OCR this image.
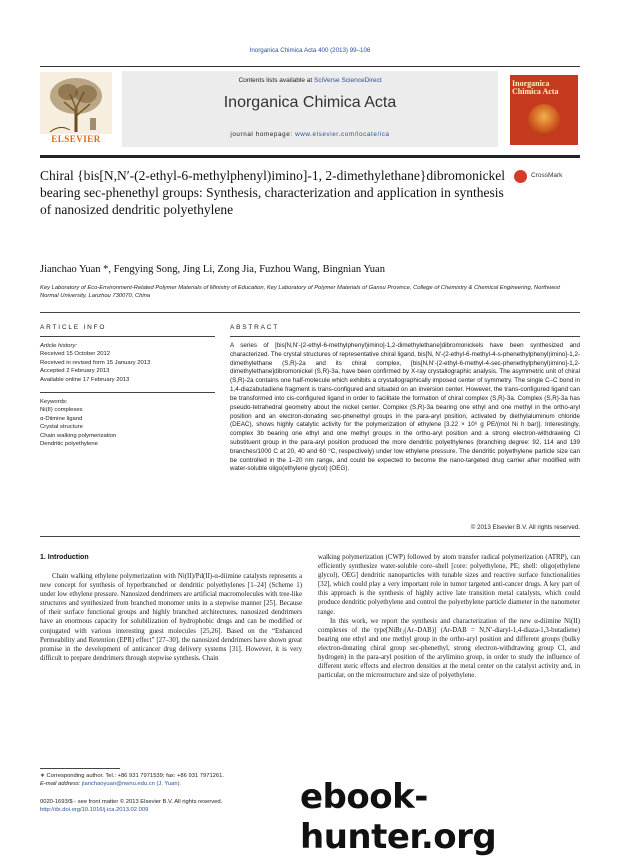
Inorganica Chimica Acta 400 (2013) 99–106
ELSEVIER
Contents lists available at SciVerse ScienceDirect
Inorganica Chimica Acta
journal homepage: www.elsevier.com/locate/ica
Inorganica Chimica Acta
Chiral {bis[N,N′-(2-ethyl-6-methylphenyl)imino]-1, 2-dimethylethane}dibromonickel bearing sec-phenethyl groups: Synthesis, characterization and application in synthesis of nanosized dendritic polyethylene
CrossMark
Jianchao Yuan *, Fengying Song, Jing Li, Zong Jia, Fuzhou Wang, Bingnian Yuan
Key Laboratory of Eco-Environment-Related Polymer Materials of Ministry of Education, Key Laboratory of Polymer Materials of Gansu Province, College of Chemistry & Chemical Engineering, Northwest Normal University, Lanzhou 730070, China
ARTICLE INFO	ABSTRACT
Article history:
Received 15 October 2012
Received in revised form 15 January 2013
Accepted 2 February 2013
Available online 17 February 2013
Keywords:
Ni(II) complexes
α-Diimine ligand
Crystal structure
Chain walking polymerization
Dendritic polyethylene
A series of [bis[N,N′-(2-ethyl-6-methylphenyl)imino]-1,2-dimethylethane]dibromonickels have been synthesized and characterized. The crystal structures of representative chiral ligand, bis[N, N′-(2-ethyl-6-methyl-4-s-phenethylphenyl)imino]-1,2-dimethylethane (S,R)-2a and its chiral complex, [bis[N,N′-(2-ethyl-6-methyl-4-sec-phenethylphenyl)imino]-1,2-dimethylethane]dibromonickel (S,R)-3a, have been confirmed by X-ray crystallographic analysis. The asymmetric unit of chiral (S,R)-2a contains one half-molecule which exhibits a crystallographically imposed center of symmetry. The single C–C bond in 1,4-diazabutadiene fragment is trans-configured and situated on an inversion center. However, the trans-configured ligand can be transformed into cis-configured ligand in order to facilitate the formation of chiral complex (S,R)-3a. Complex (S,R)-3a has pseudo-tetrahedral geometry about the nickel center. Complex (S,R)-3a bearing one ethyl and one methyl in the ortho-aryl position and an electron-donating sec-phenethyl groups in the para-aryl position, activated by diethylaluminum chloride (DEAC), shows highly catalytic activity for the polymerization of ethylene [3.22 × 10⁶ g PE/(mol Ni h bar)]. Interestingly, complex 3b bearing one ethyl and one methyl groups in the ortho-aryl position and a strong electron-withdrawing Cl substituent group in the para-aryl position produced the more dendritic polyethylenes (branching degree: 92, 114 and 139 branches/1000 C at 20, 40 and 60 °C, respectively) under low ethylene pressure. The dendritic polyethylene particle size can be controlled in the 1–20 nm range, and could be expected to become the nano-targeted drug carrier after modified with water-soluble oligo(ethylene glycol) (OEG).
© 2013 Elsevier B.V. All rights reserved.
1. Introduction

Chain walking ethylene polymerization with Ni(II)/Pd(II)-α-diimine catalysts represents a new concept for synthesis of hyperbranched or dendritic polyethylenes [1–24] (Scheme 1) under low ethylene pressure. Nanosized dendrimers are artificial macromolecules with tree-like structures and synthesized from branched monomer units in a stepwise manner [25]. Because of their surface functional groups and highly branched architectures, nanosized dendrimers have an enormous capacity for solubilization of hydrophobic drugs and can be modified or conjugated with various interesting guest molecules [25,26]. Based on the “Enhanced Permeability and Retention (EPR) effect” [27–30], the nanosized dendrimers have shown great promise in the development of anticancer drug delivery systems [31]. However, it is very difficult to prepare dendrimers through stepwise synthesis. Chain

walking polymerization (CWP) followed by atom transfer radical polymerization (ATRP), can efficiently synthesize water-soluble core–shell [core: polyethylene, PE; shell: oligo(ethylene glycol), OEG] dendritic nanoparticles with tunable sizes and reactive surface functionalities [32], which could play a very important role in tumor targeted anti-cancer drugs. A key part of this approach is the synthesis of highly active late transition metal catalysts, which could produce dendritic polyethylene and control the polyethylene particle diameter in the nanometer range.

In this work, we report the synthesis and characterization of the new α-diimine Ni(II) complexes of the type[NiBr₂(Ar–DAB)] (Ar-DAB = N,N′-diaryl-1,4-diaza-1,3-butadiene) bearing one ethyl and one methyl group in the ortho-aryl position and different groups (bulky electron-donating chiral group sec-phenethyl, strong electron-withdrawing group Cl, and hydrogen) in the para-aryl position of the arylimino group, in order to study the influence of different steric effects and electron densities at the metal center on the catalyst activity and, in particular, on the microstructure and size of polyethylene.

∗ Corresponding author. Tel.: +86 931 7971539; fax: +86 931 7971261.
E-mail address: jianchaoyuan@nwnu.edu.cn (J. Yuan).
0020-1693/$ - see front matter © 2013 Elsevier B.V. All rights reserved.
http://dx.doi.org/10.1016/j.ica.2013.02.009	ebook-hunter.org
